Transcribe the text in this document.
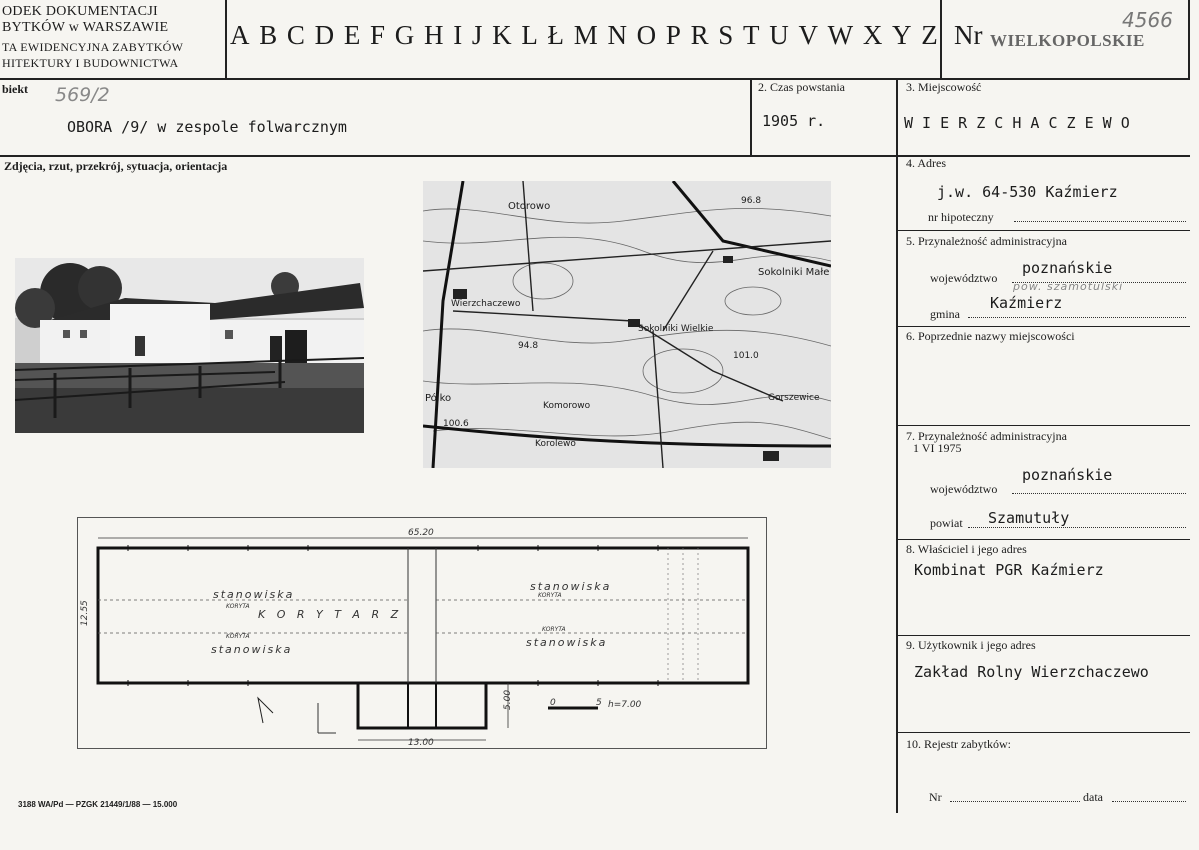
ODEK DOKUMENTACJI
BYTKÓW w WARSZAWIE
TA EWIDENCYJNA ZABYTKÓW
HITEKTURY I BUDOWNICTWA
A B C D E F G H I J K L Ł M N O P R S T U V W X Y Z Nr WIELKOPOLSKIE
4566
biekt 569/2
OBORA /9/ w zespole folwarcznym
2. Czas powstania
1905 r.
3. Miejscowość
W I E R Z C H A C Z E W O
Zdjęcia, rzut, przekrój, sytuacja, orientacja
Otorowo
Wierzchaczewo
Sokolniki Małe
Sokolniki Wielkie
Komorowo
Gorszewice
Pólko
Korolewo
96.8
101.0
94.8
100.6
65.20
12.55
stanowiska
stanowiska
stanowiska
stanowiska
K O R Y T A R Z
KORYTA
KORYTA
KORYTA
KORYTA
13.00
5.00	0	5 h=7.00
4. Adres
j.w. 64-530 Kaźmierz
nr hipoteczny
5. Przynależność administracyjna
województwo
poznańskie
pow. szamotulski
gmina
Kaźmierz
6. Poprzednie nazwy miejscowości
7. Przynależność administracyjna
1 VI 1975
województwo
poznańskie
powiat Szamutuły
8. Właściciel i jego adres
Kombinat PGR Kaźmierz
9. Użytkownik i jego adres
Zakład Rolny Wierzchaczewo
10. Rejestr zabytków:
Nr	data
3188 WA/Pd — PZGK 21449/1/88 — 15.000
